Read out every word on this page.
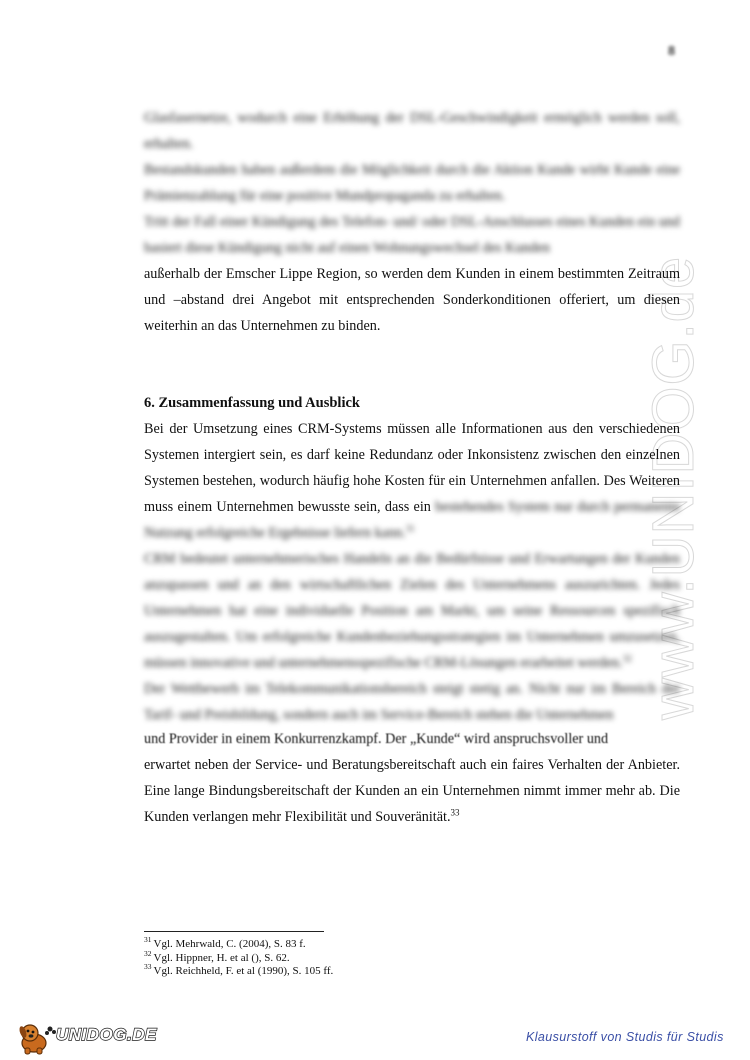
8
www.UNIDOG.de

Glasfasernetze, wodurch eine Erhöhung der DSL-Geschwindigkeit ermöglich werden soll, erhalten.

Bestandskunden haben außerdem die Möglichkeit durch die Aktion Kunde wirbt Kunde eine Prämienzahlung für eine positive Mundpropaganda zu erhalten.

Tritt der Fall einer Kündigung des Telefon- und/ oder DSL-Anschlusses eines Kunden ein und basiert diese Kündigung nicht auf einen Wohnungswechsel des Kunden

außerhalb der Emscher Lippe Region, so werden dem Kunden in einem bestimmten Zeitraum und –abstand drei Angebot mit entsprechenden Sonderkonditionen offeriert, um diesen weiterhin an das Unternehmen zu binden.

6. Zusammenfassung und Ausblick

Bei der Umsetzung eines CRM-Systems müssen alle Informationen aus den verschiedenen Systemen intergiert sein, es darf keine Redundanz oder Inkonsistenz zwischen den einzelnen Systemen bestehen, wodurch häufig hohe Kosten für ein Unternehmen anfallen. Des Weiteren muss einem Unternehmen bewusste sein, dass ein bestehendes System nur durch permanente Nutzung erfolgreiche Ergebnisse liefern kann.$^{31}$

CRM bedeutet unternehmerisches Handeln an die Bedürfnisse und Erwartungen der Kunden anzupassen und an den wirtschaftlichen Zielen des Unternehmens auszurichten. Jedes Unternehmen hat eine individuelle Position am Markt, um seine Ressourcen spezifisch auszugestalten. Um erfolgreiche Kundenbeziehungsstrategien im Unternehmen umzusetzen, müssen innovative und unternehmensspezifische CRM-Lösungen erarbeitet werden.$^{32}$

Der Wettbewerb im Telekommunikationsbereich steigt stetig an. Nicht nur im Bereich der Tarif- und Preisbildung, sondern auch im Service-Bereich stehen die Unternehmen

und Provider in einem Konkurrenzkampf. Der „Kunde“ wird anspruchsvoller und

erwartet neben der Service- und Beratungsbereitschaft auch ein faires Verhalten der Anbieter. Eine lange Bindungsbereitschaft der Kunden an ein Unternehmen nimmt immer mehr ab. Die Kunden verlangen mehr Flexibilität und Souveränität.$^{33}$

$^{31}$ Vgl. Mehrwald, C. (2004), S. 83 f.
$^{32}$ Vgl. Hippner, H. et al (), S. 62.
$^{33}$ Vgl. Reichheld, F. et al (1990), S. 105 ff.
UNIDOG.DE	Klausurstoff von Studis für Studis
